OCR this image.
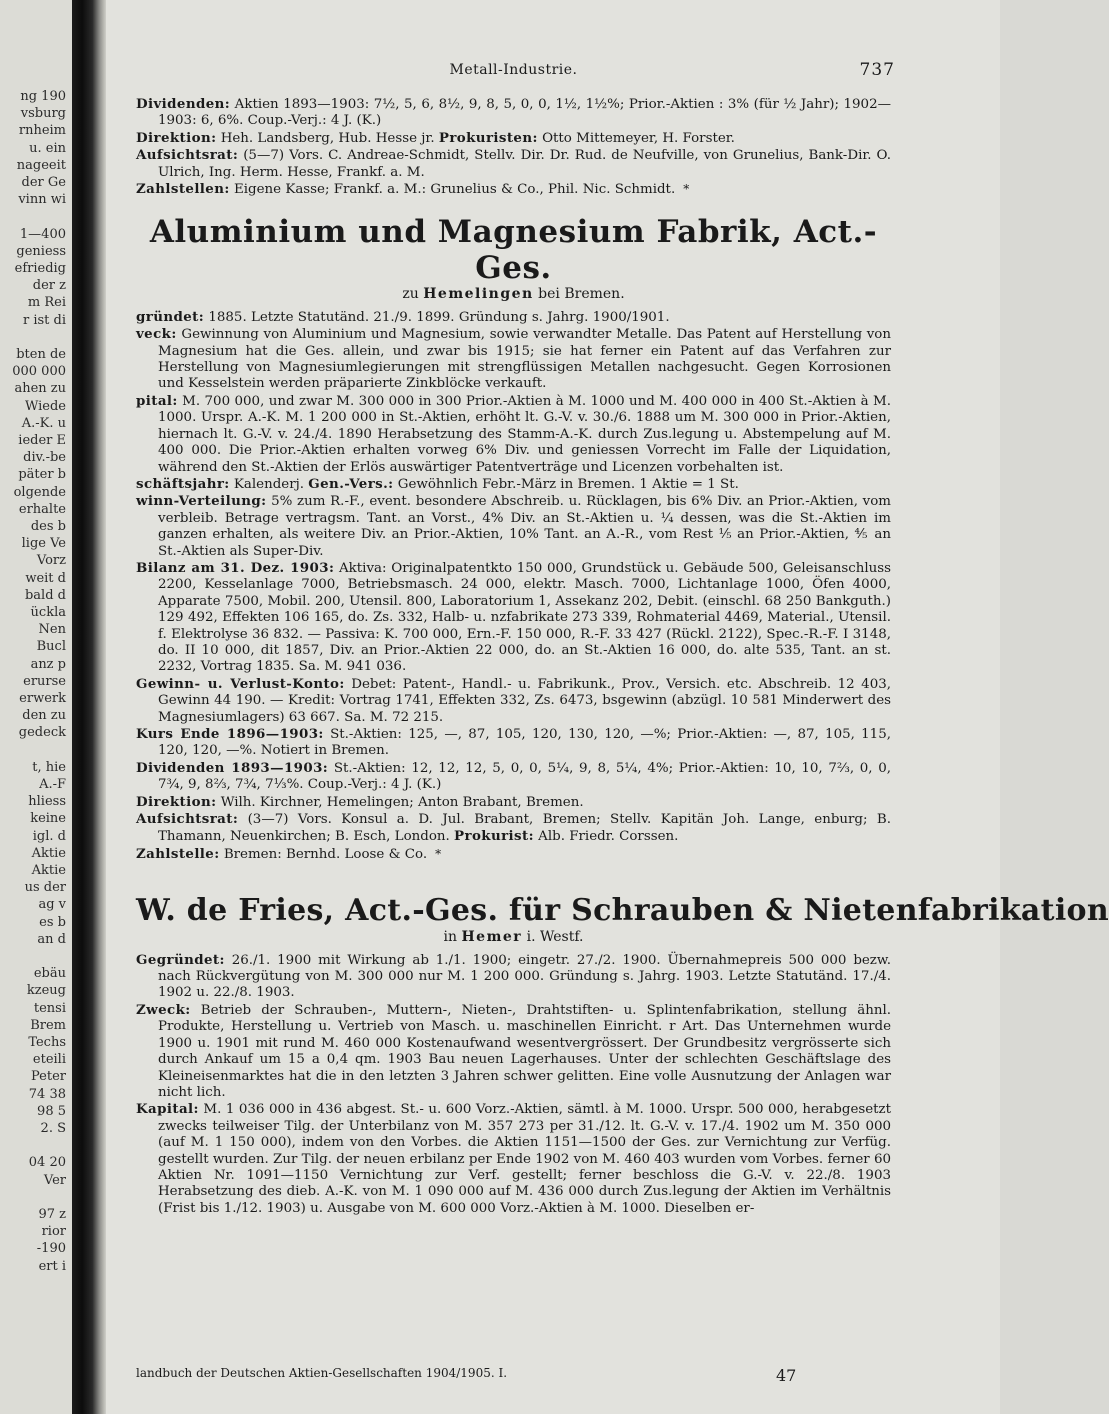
ng 190
vsburg
rnheim
u. ein
nageeit
der Ge
vinn wi
1—400
geniess
efriedig
der z
m Rei
r ist di
bten de
000 000
ahen zu
Wiede
A.-K. u
ieder E
div.-be
päter b
olgende
erhalte
des b
lige Ve
Vorz
weit d
bald d
ückla
Nen
Bucl
anz p
erurse
erwerk
den zu
gedeck
t, hie
A.-F
hliess
keine
igl. d
Aktie
Aktie
us der
ag v
es b
an d
ebäu
kzeug
tensi
Brem
Techs
eteili
Peter
74 38
98 5
2. S
04 20
Ver
97 z
rior
-190
ert i
Metall-Industrie.	737

Dividenden: Aktien 1893—1903: 7½, 5, 6, 8½, 9, 8, 5, 0, 0, 1½, 1½%; Prior.-Aktien : 3% (für ½ Jahr); 1902—1903: 6, 6%. Coup.-Verj.: 4 J. (K.)

Direktion: Heh. Landsberg, Hub. Hesse jr. Prokuristen: Otto Mittemeyer, H. Forster.

Aufsichtsrat: (5—7) Vors. C. Andreae-Schmidt, Stellv. Dir. Dr. Rud. de Neufville, von Grunelius, Bank-Dir. O. Ulrich, Ing. Herm. Hesse, Frankf. a. M.

Zahlstellen: Eigene Kasse; Frankf. a. M.: Grunelius & Co., Phil. Nic. Schmidt. *

Aluminium und Magnesium Fabrik, Act.-Ges.
zu Hemelingen bei Bremen.

gründet: 1885. Letzte Statutänd. 21./9. 1899. Gründung s. Jahrg. 1900/1901.

veck: Gewinnung von Aluminium und Magnesium, sowie verwandter Metalle. Das Patent auf Herstellung von Magnesium hat die Ges. allein, und zwar bis 1915; sie hat ferner ein Patent auf das Verfahren zur Herstellung von Magnesiumlegierungen mit strengflüssigen Metallen nachgesucht. Gegen Korrosionen und Kesselstein werden präparierte Zinkblöcke verkauft.

pital: M. 700 000, und zwar M. 300 000 in 300 Prior.-Aktien à M. 1000 und M. 400 000 in 400 St.-Aktien à M. 1000. Urspr. A.-K. M. 1 200 000 in St.-Aktien, erhöht lt. G.-V. v. 30./6. 1888 um M. 300 000 in Prior.-Aktien, hiernach lt. G.-V. v. 24./4. 1890 Herabsetzung des Stamm-A.-K. durch Zus.legung u. Abstempelung auf M. 400 000. Die Prior.-Aktien erhalten vorweg 6% Div. und geniessen Vorrecht im Falle der Liquidation, während den St.-Aktien der Erlös auswärtiger Patentverträge und Licenzen vorbehalten ist.

schäftsjahr: Kalenderj. Gen.-Vers.: Gewöhnlich Febr.-März in Bremen. 1 Aktie = 1 St.

winn-Verteilung: 5% zum R.-F., event. besondere Abschreib. u. Rücklagen, bis 6% Div. an Prior.-Aktien, vom verbleib. Betrage vertragsm. Tant. an Vorst., 4% Div. an St.-Aktien u. ¼ dessen, was die St.-Aktien im ganzen erhalten, als weitere Div. an Prior.-Aktien, 10% Tant. an A.-R., vom Rest ⅕ an Prior.-Aktien, ⅘ an St.-Aktien als Super-Div.

Bilanz am 31. Dez. 1903: Aktiva: Originalpatentkto 150 000, Grundstück u. Gebäude 500, Geleisanschluss 2200, Kesselanlage 7000, Betriebsmasch. 24 000, elektr. Masch. 7000, Lichtanlage 1000, Öfen 4000, Apparate 7500, Mobil. 200, Utensil. 800, Laboratorium 1, Assekanz 202, Debit. (einschl. 68 250 Bankguth.) 129 492, Effekten 106 165, do. Zs. 332, Halb- u. nzfabrikate 273 339, Rohmaterial 4469, Material., Utensil. f. Elektrolyse 36 832. — Passiva: K. 700 000, Ern.-F. 150 000, R.-F. 33 427 (Rückl. 2122), Spec.-R.-F. I 3148, do. II 10 000, dit 1857, Div. an Prior.-Aktien 22 000, do. an St.-Aktien 16 000, do. alte 535, Tant. an st. 2232, Vortrag 1835. Sa. M. 941 036.

Gewinn- u. Verlust-Konto: Debet: Patent-, Handl.- u. Fabrikunk., Prov., Versich. etc. Abschreib. 12 403, Gewinn 44 190. — Kredit: Vortrag 1741, Effekten 332, Zs. 6473, bsgewinn (abzügl. 10 581 Minderwert des Magnesiumlagers) 63 667. Sa. M. 72 215.

Kurs Ende 1896—1903: St.-Aktien: 125, —, 87, 105, 120, 130, 120, —%; Prior.-Aktien: —, 87, 105, 115, 120, 120, —%. Notiert in Bremen.

Dividenden 1893—1903: St.-Aktien: 12, 12, 12, 5, 0, 0, 5¼, 9, 8, 5¼, 4%; Prior.-Aktien: 10, 10, 7⅔, 0, 0, 7¾, 9, 8⅔, 7¾, 7⅓%. Coup.-Verj.: 4 J. (K.)

Direktion: Wilh. Kirchner, Hemelingen; Anton Brabant, Bremen.

Aufsichtsrat: (3—7) Vors. Konsul a. D. Jul. Brabant, Bremen; Stellv. Kapitän Joh. Lange, enburg; B. Thamann, Neuenkirchen; B. Esch, London. Prokurist: Alb. Friedr. Corssen.

Zahlstelle: Bremen: Bernhd. Loose & Co. *

W. de Fries, Act.-Ges. für Schrauben & Nietenfabrikation
in Hemer i. Westf.

Gegründet: 26./1. 1900 mit Wirkung ab 1./1. 1900; eingetr. 27./2. 1900. Übernahmepreis 500 000 bezw. nach Rückvergütung von M. 300 000 nur M. 1 200 000. Gründung s. Jahrg. 1903. Letzte Statutänd. 17./4. 1902 u. 22./8. 1903.

Zweck: Betrieb der Schrauben-, Muttern-, Nieten-, Drahtstiften- u. Splintenfabrikation, stellung ähnl. Produkte, Herstellung u. Vertrieb von Masch. u. maschinellen Einricht. r Art. Das Unternehmen wurde 1900 u. 1901 mit rund M. 460 000 Kostenaufwand wesentvergrössert. Der Grundbesitz vergrösserte sich durch Ankauf um 15 a 0,4 qm. 1903 Bau neuen Lagerhauses. Unter der schlechten Geschäftslage des Kleineisenmarktes hat die in den letzten 3 Jahren schwer gelitten. Eine volle Ausnutzung der Anlagen war nicht lich.

Kapital: M. 1 036 000 in 436 abgest. St.- u. 600 Vorz.-Aktien, sämtl. à M. 1000. Urspr. 500 000, herabgesetzt zwecks teilweiser Tilg. der Unterbilanz von M. 357 273 per 31./12. lt. G.-V. v. 17./4. 1902 um M. 350 000 (auf M. 1 150 000), indem von den Vorbes. die Aktien 1151—1500 der Ges. zur Vernichtung zur Verfüg. gestellt wurden. Zur Tilg. der neuen erbilanz per Ende 1902 von M. 460 403 wurden vom Vorbes. ferner 60 Aktien Nr. 1091—1150 Vernichtung zur Verf. gestellt; ferner beschloss die G.-V. v. 22./8. 1903 Herabsetzung des dieb. A.-K. von M. 1 090 000 auf M. 436 000 durch Zus.legung der Aktien im Verhältnis (Frist bis 1./12. 1903) u. Ausgabe von M. 600 000 Vorz.-Aktien à M. 1000. Dieselben er-

landbuch der Deutschen Aktien-Gesellschaften 1904/1905. I.	47
